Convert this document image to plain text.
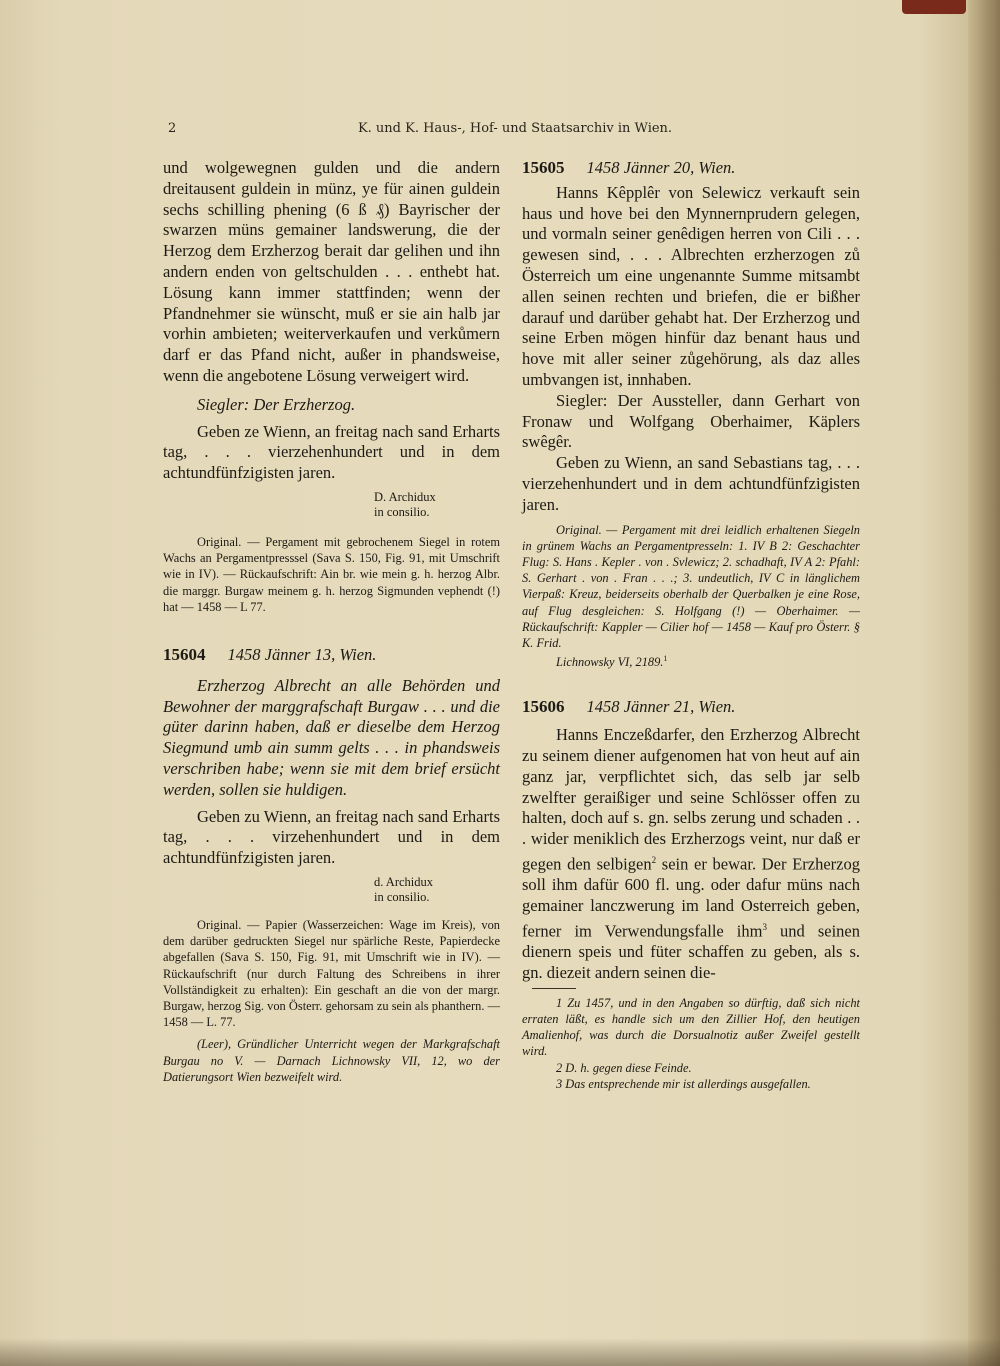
2	K. und K. Haus-, Hof- und Staatsarchiv in Wien.

und wolgewegnen gulden und die andern dreitausent guldein in münz, ye für ainen guldein sechs schilling phening (6 ß ₰) Bayrischer der swarzen müns gemainer landswerung, die der Herzog dem Erzherzog berait dar gelihen und ihn andern enden von geltschulden . . . enthebt hat. Lösung kann immer stattfinden; wenn der Pfandnehmer sie wünscht, muß er sie ain halb jar vorhin ambieten; weiterverkaufen und verkůmern darf er das Pfand nicht, außer in phandsweise, wenn die angebotene Lösung verweigert wird.

Siegler: Der Erzherzog.

Geben ze Wienn, an freitag nach sand Erharts tag, . . . vierzehenhundert und in dem achtundfünfzigisten jaren.

D. Archidux
in consilio.

Original. — Pergament mit gebrochenem Siegel in rotem Wachs an Pergamentpresssel (Sava S. 150, Fig. 91, mit Umschrift wie in IV). — Rückaufschrift: Ain br. wie mein g. h. herzog Albr. die marggr. Burgaw meinem g. h. herzog Sigmunden vephendt (!) hat — 1458 — L 77.

15604 1458 Jänner 13, Wien.

Erzherzog Albrecht an alle Behörden und Bewohner der marggrafschaft Burgaw . . . und die güter darinn haben, daß er dieselbe dem Herzog Siegmund umb ain summ gelts . . . in phandsweis verschriben habe; wenn sie mit dem brief ersücht werden, sollen sie huldigen.

Geben zu Wienn, an freitag nach sand Erharts tag, . . . virzehenhundert und in dem achtundfünfzigisten jaren.

d. Archidux
in consilio.

Original. — Papier (Wasserzeichen: Wage im Kreis), von dem darüber gedruckten Siegel nur spärliche Reste, Papierdecke abgefallen (Sava S. 150, Fig. 91, mit Umschrift wie in IV). — Rückaufschrift (nur durch Faltung des Schreibens in ihrer Vollständigkeit zu erhalten): Ein geschaft an die von der margr. Burgaw, herzog Sig. von Österr. gehorsam zu sein als phanthern. — 1458 — L. 77.

(Leer), Gründlicher Unterricht wegen der Markgrafschaft Burgau no V. — Darnach Lichnowsky VII, 12, wo der Datierungsort Wien bezweifelt wird.

15605 1458 Jänner 20, Wien.

Hanns Kêpplêr von Selewicz verkauft sein haus und hove bei den Mynnernprudern gelegen, und vormaln seiner genêdigen herren von Cili . . . gewesen sind, . . . Albrechten erzherzogen zů Österreich um eine ungenannte Summe mitsambt allen seinen rechten und briefen, die er bißher darauf und darüber gehabt hat. Der Erzherzog und seine Erben mögen hinfür daz benant haus und hove mit aller seiner zůgehörung, als daz alles umbvangen ist, innhaben.

Siegler: Der Aussteller, dann Gerhart von Fronaw und Wolfgang Oberhaimer, Käplers swêgêr.

Geben zu Wienn, an sand Sebastians tag, . . . vierzehenhundert und in dem achtundfünfzigisten jaren.

Original. — Pergament mit drei leidlich erhaltenen Siegeln in grünem Wachs an Pergamentpresseln: 1. IV B 2: Geschachter Flug: S. Hans . Kepler . von . Svlewicz; 2. schadhaft, IV A 2: Pfahl: S. Gerhart . von . Fran . . .; 3. undeutlich, IV C in länglichem Vierpaß: Kreuz, beiderseits oberhalb der Querbalken je eine Rose, auf Flug desgleichen: S. Holfgang (!) — Oberhaimer. — Rückaufschrift: Kappler — Cilier hof — 1458 — Kauf pro Österr. § K. Frid.

Lichnowsky VI, 2189.$^1$

15606 1458 Jänner 21, Wien.

Hanns Enczeßdarfer, den Erzherzog Albrecht zu seinem diener aufgenomen hat von heut auf ain ganz jar, verpflichtet sich, das selb jar selb zwelfter geraißiger und seine Schlösser offen zu halten, doch auf s. gn. selbs zerung und schaden . . . wider meniklich des Erzherzogs veint, nur daß er gegen den selbigen$^2$ sein er bewar. Der Erzherzog soll ihm dafür 600 fl. ung. oder dafur müns nach gemainer lanczwerung im land Osterreich geben, ferner im Verwendungsfalle ihm$^3$ und seinen dienern speis und füter schaffen zu geben, als s. gn. diezeit andern seinen die-

1 Zu 1457, und in den Angaben so dürftig, daß sich nicht erraten läßt, es handle sich um den Zillier Hof, den heutigen Amalienhof, was durch die Dorsualnotiz außer Zweifel gestellt wird.

2 D. h. gegen diese Feinde.

3 Das entsprechende mir ist allerdings ausgefallen.
